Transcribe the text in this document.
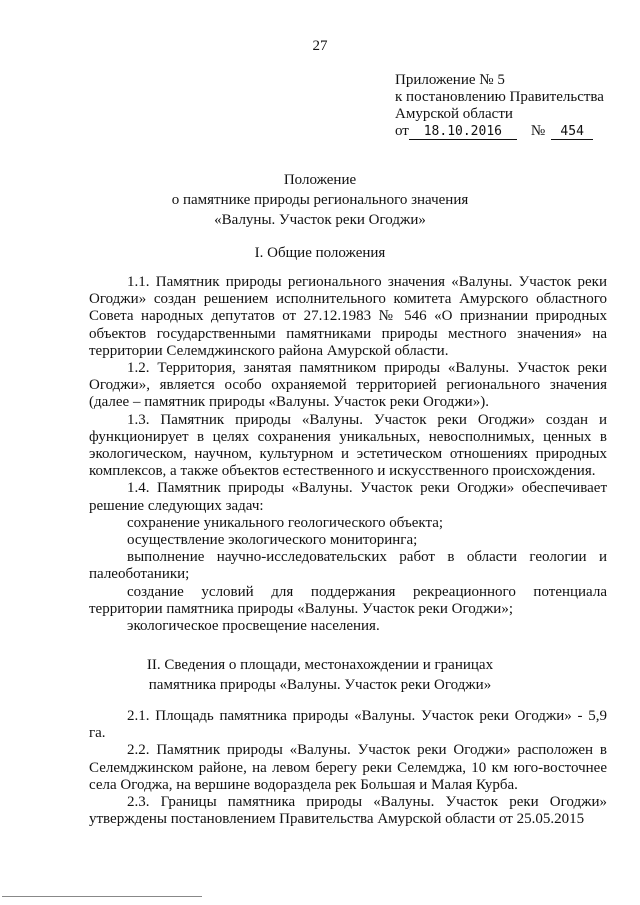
27
Приложение № 5
к постановлению Правительства
Амурской области
от 18.10.2016 № 454
Положение
о памятнике природы регионального значения
«Валуны. Участок реки Огоджи»
I. Общие положения

1.1. Памятник природы регионального значения «Валуны. Участок реки Огоджи» создан решением исполнительного комитета Амурского областного Совета народных депутатов от 27.12.1983 № 546 «О признании природных объектов государственными памятниками природы местного значения» на территории Селемджинского района Амурской области.

1.2. Территория, занятая памятником природы «Валуны. Участок реки Огоджи», является особо охраняемой территорией регионального значения (далее – памятник природы «Валуны. Участок реки Огоджи»).

1.3. Памятник природы «Валуны. Участок реки Огоджи» создан и функционирует в целях сохранения уникальных, невосполнимых, ценных в экологическом, научном, культурном и эстетическом отношениях природных комплексов, а также объектов естественного и искусственного происхождения.

1.4. Памятник природы «Валуны. Участок реки Огоджи» обеспечивает решение следующих задач:

сохранение уникального геологического объекта;

осуществление экологического мониторинга;

выполнение научно-исследовательских работ в области геологии и палеоботаники;

создание условий для поддержания рекреационного потенциала территории памятника природы «Валуны. Участок реки Огоджи»;

экологическое просвещение населения.

II. Сведения о площади, местонахождении и границах
памятника природы «Валуны. Участок реки Огоджи»

2.1. Площадь памятника природы «Валуны. Участок реки Огоджи» - 5,9 га.

2.2. Памятник природы «Валуны. Участок реки Огоджи» расположен в Селемджинском районе, на левом берегу реки Селемджа, 10 км юго-восточнее села Огоджа, на вершине водораздела рек Большая и Малая Курба.

2.3. Границы памятника природы «Валуны. Участок реки Огоджи» утверждены постановлением Правительства Амурской области от 25.05.2015
